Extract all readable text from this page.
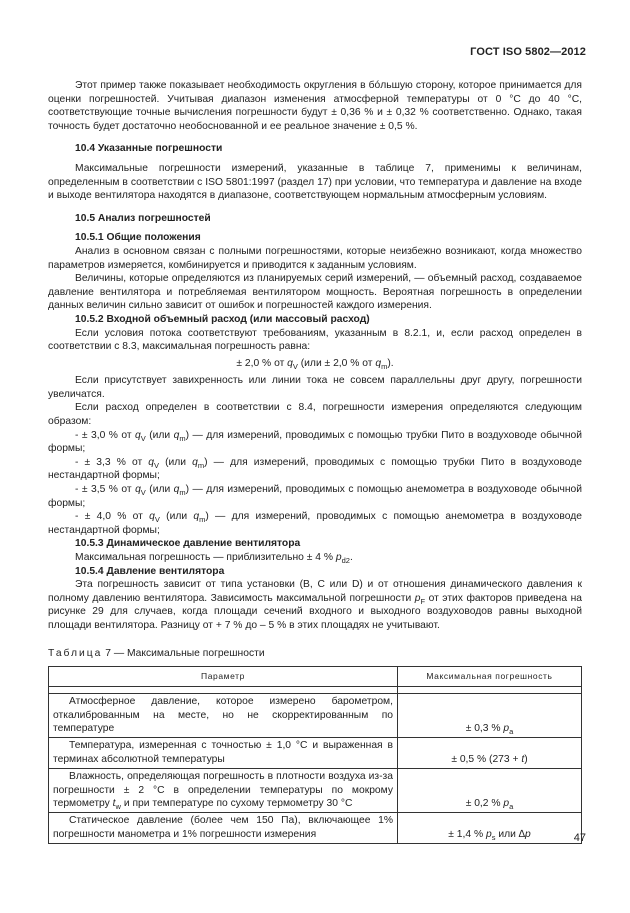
ГОСТ ISO 5802—2012

Этот пример также показывает необходимость округления в бóльшую сторону, которое принимается для оценки погрешностей. Учитывая диапазон изменения атмосферной температуры от 0 °С до 40 °С, соответствующие точные вычисления погрешности будут ± 0,36 % и ± 0,32 % соответственно. Однако, такая точность будет достаточно необоснованной и ее реальное значение ± 0,5 %.

10.4 Указанные погрешности

Максимальные погрешности измерений, указанные в таблице 7, применимы к величинам, определенным в соответствии с ISO 5801:1997 (раздел 17) при условии, что температура и давление на входе и выходе вентилятора находятся в диапазоне, соответствующем нормальным атмосферным условиям.

10.5 Анализ погрешностей

10.5.1 Общие положения

Анализ в основном связан с полными погрешностями, которые неизбежно возникают, когда множество параметров измеряется, комбинируется и приводится к заданным условиям.

Величины, которые определяются из планируемых серий измерений, — объемный расход, создаваемое давление вентилятора и потребляемая вентилятором мощность. Вероятная погрешность в определении данных величин сильно зависит от ошибок и погрешностей каждого измерения.

10.5.2 Входной объемный расход (или массовый расход)

Если условия потока соответствуют требованиям, указанным в 8.2.1, и, если расход определен в соответствии с 8.3, максимальная погрешность равна:

± 2,0 % от $q_V$ (или ± 2,0 % от $q_m$).

Если присутствует завихренность или линии тока не совсем параллельны друг другу, погрешности увеличатся.

Если расход определен в соответствии с 8.4, погрешности измерения определяются следующим образом:

- ± 3,0 % от $q_V$ (или $q_m$) — для измерений, проводимых с помощью трубки Пито в воздуховоде обычной формы;

- ± 3,3 % от $q_V$ (или $q_m$) — для измерений, проводимых с помощью трубки Пито в воздуховоде нестандартной формы;

- ± 3,5 % от $q_V$ (или $q_m$) — для измерений, проводимых с помощью анемометра в воздуховоде обычной формы;

- ± 4,0 % от $q_V$ (или $q_m$) — для измерений, проводимых с помощью анемометра в воздуховоде нестандартной формы;

10.5.3 Динамическое давление вентилятора

Максимальная погрешность — приблизительно ± 4 % $p_{d2}$.

10.5.4 Давление вентилятора

Эта погрешность зависит от типа установки (В, С или D) и от отношения динамического давления к полному давлению вентилятора. Зависимость максимальной погрешности $p_F$ от этих факторов приведена на рисунке 29 для случаев, когда площади сечений входного и выходного воздуховодов равны выходной площади вентилятора. Разницу от + 7 % до – 5 % в этих площадях не учитывают.

Таблица 7 — Максимальные погрешности

Параметр	Максимальная погрешность

Атмосферное давление, которое измерено барометром, откалиброванным на месте, но не скорректированным по температуре	± 0,3 % $p_a$

Температура, измеренная с точностью ± 1,0 °С и выраженная в терминах абсолютной температуры	± 0,5 % (273 + t)

Влажность, определяющая погрешность в плотности воздуха из-за погрешности ± 2 °С в определении температуры по мокрому термометру $t_w$ и при температуре по сухому термометру 30 °С	± 0,2 % $p_a$

Статическое давление (более чем 150 Па), включающее 1% погрешности манометра и 1% погрешности измерения	± 1,4 % $p_s$ или ∆p	47
